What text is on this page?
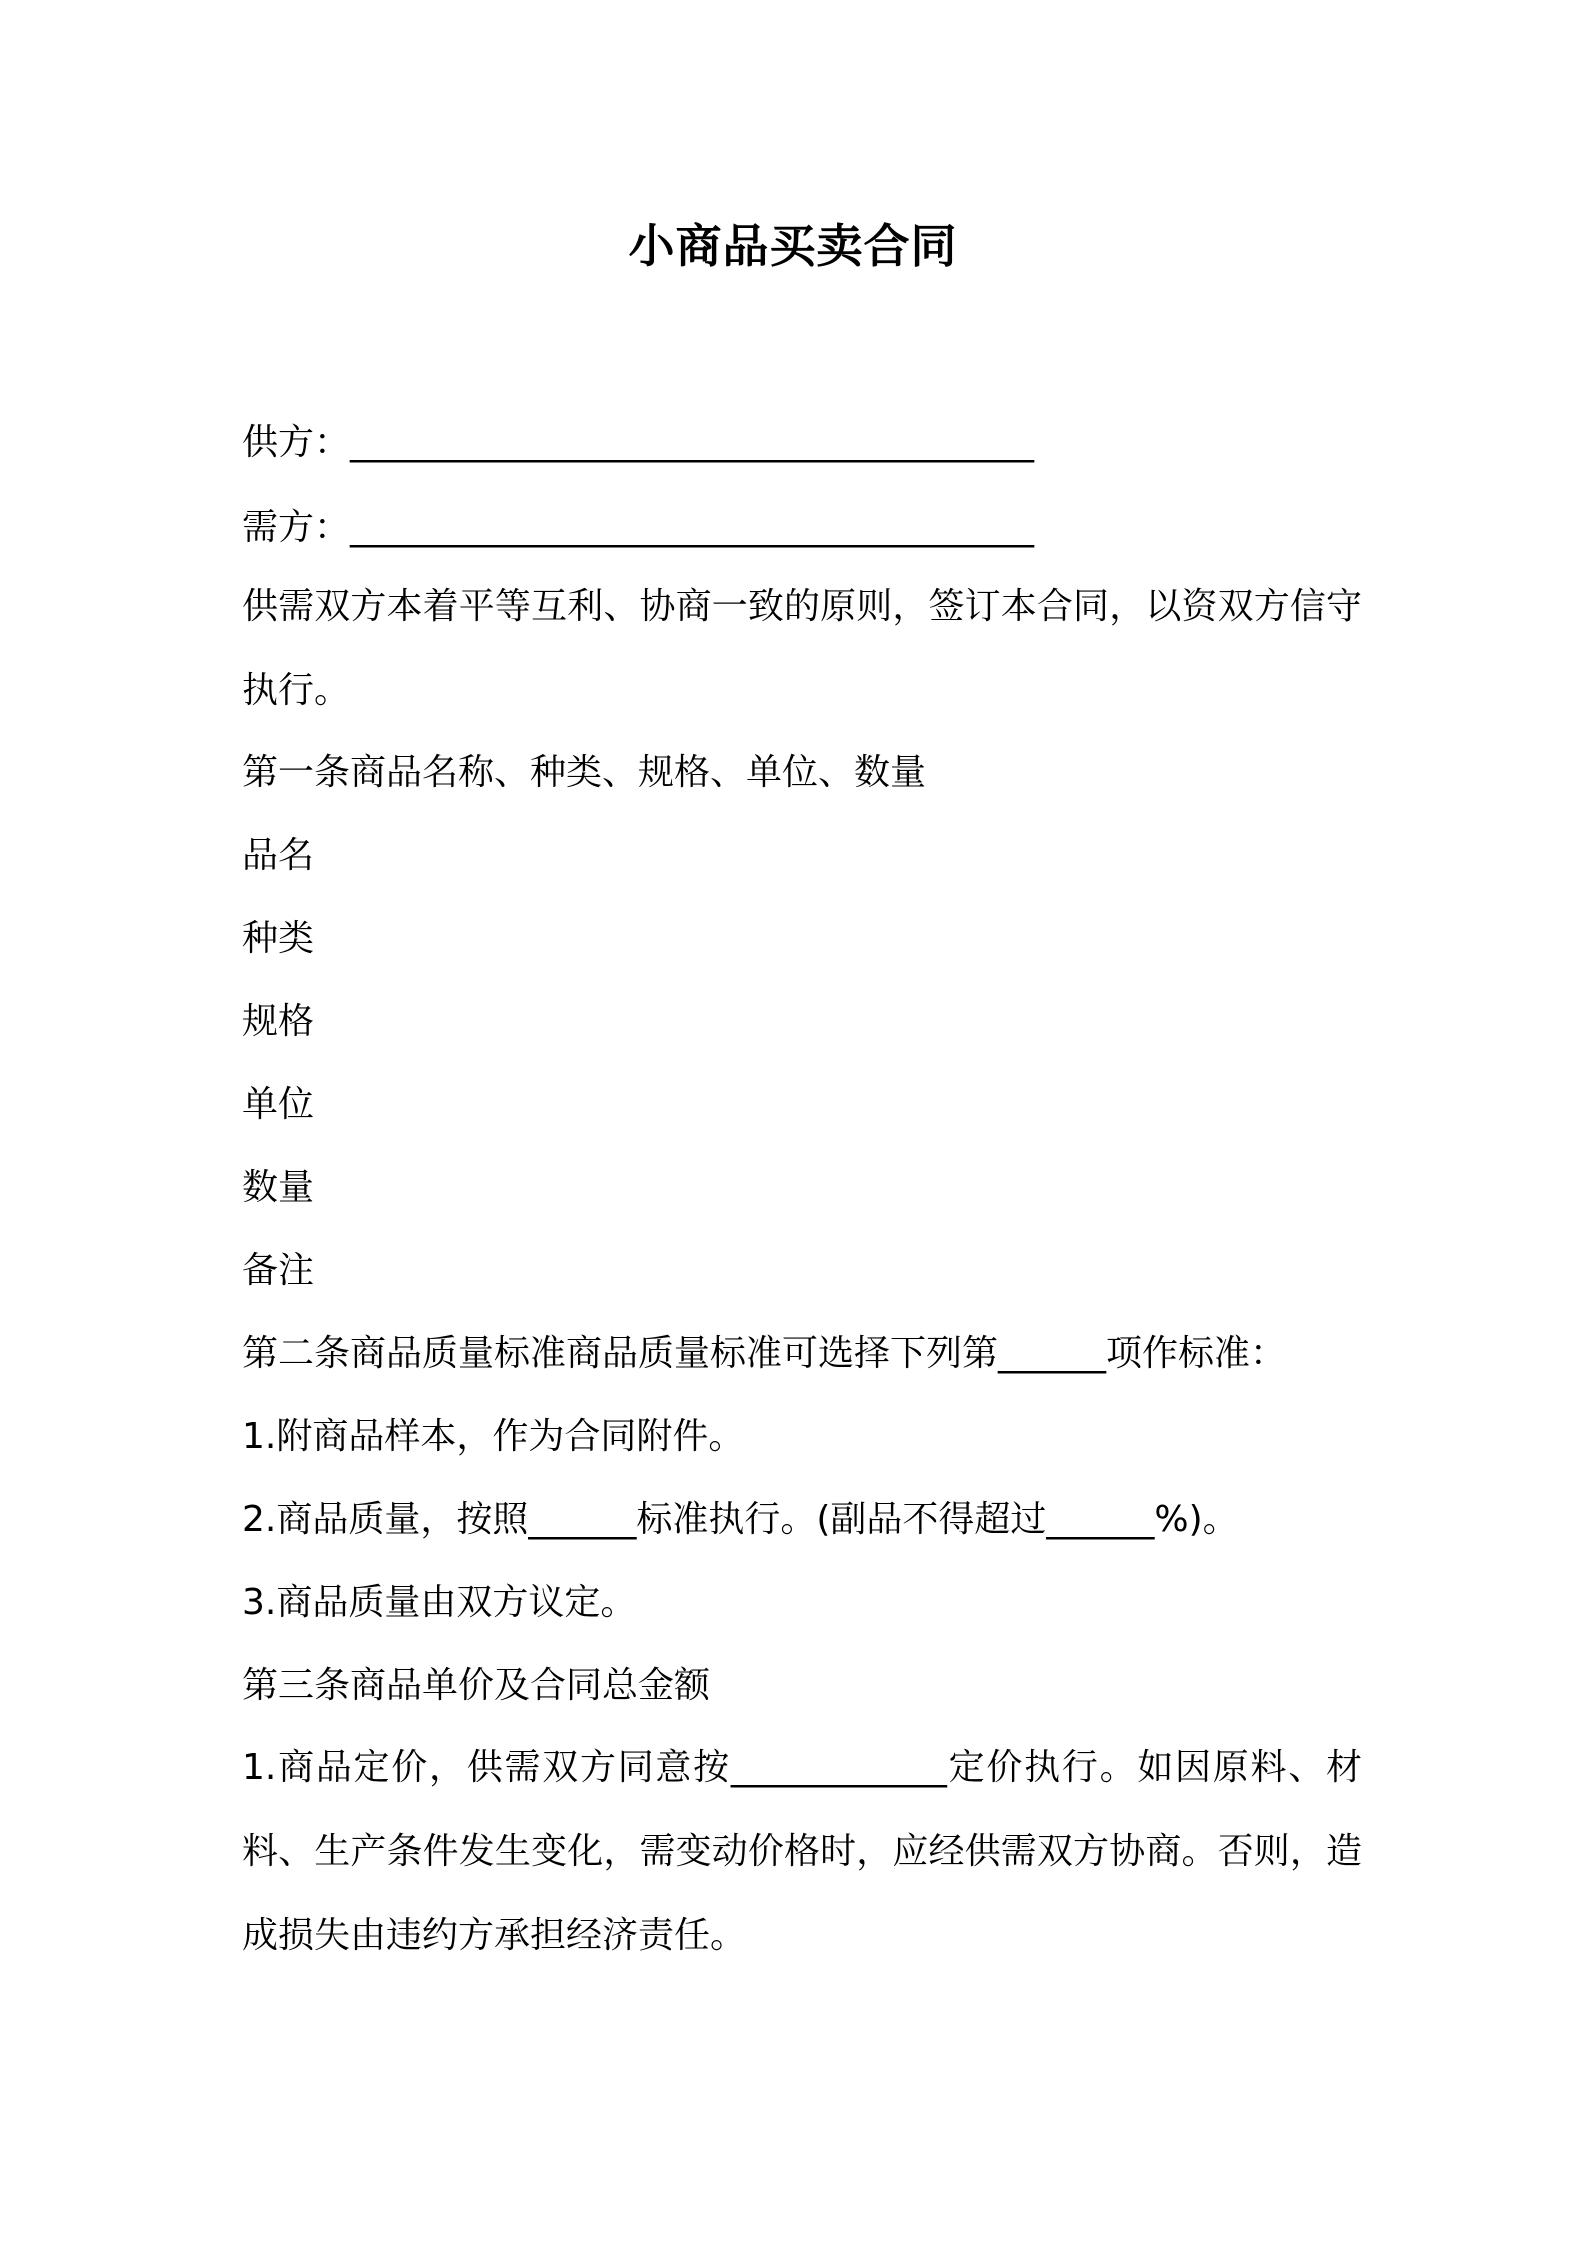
小商品买卖合同
供方：______________________________________
需方：______________________________________

供需双方本着平等互利、协商一致的原则，签订本合同，以资双方信守执行。

第一条商品名称、种类、规格、单位、数量
品名
种类
规格
单位
数量
备注
第二条商品质量标准商品质量标准可选择下列第______项作标准：
1.附商品样本，作为合同附件。
2.商品质量，按照______标准执行。(副品不得超过______%)。
3.商品质量由双方议定。
第三条商品单价及合同总金额

1.商品定价，供需双方同意按____________定价执行。如因原料、材料、生产条件发生变化，需变动价格时，应经供需双方协商。否则，造成损失由违约方承担经济责任。
